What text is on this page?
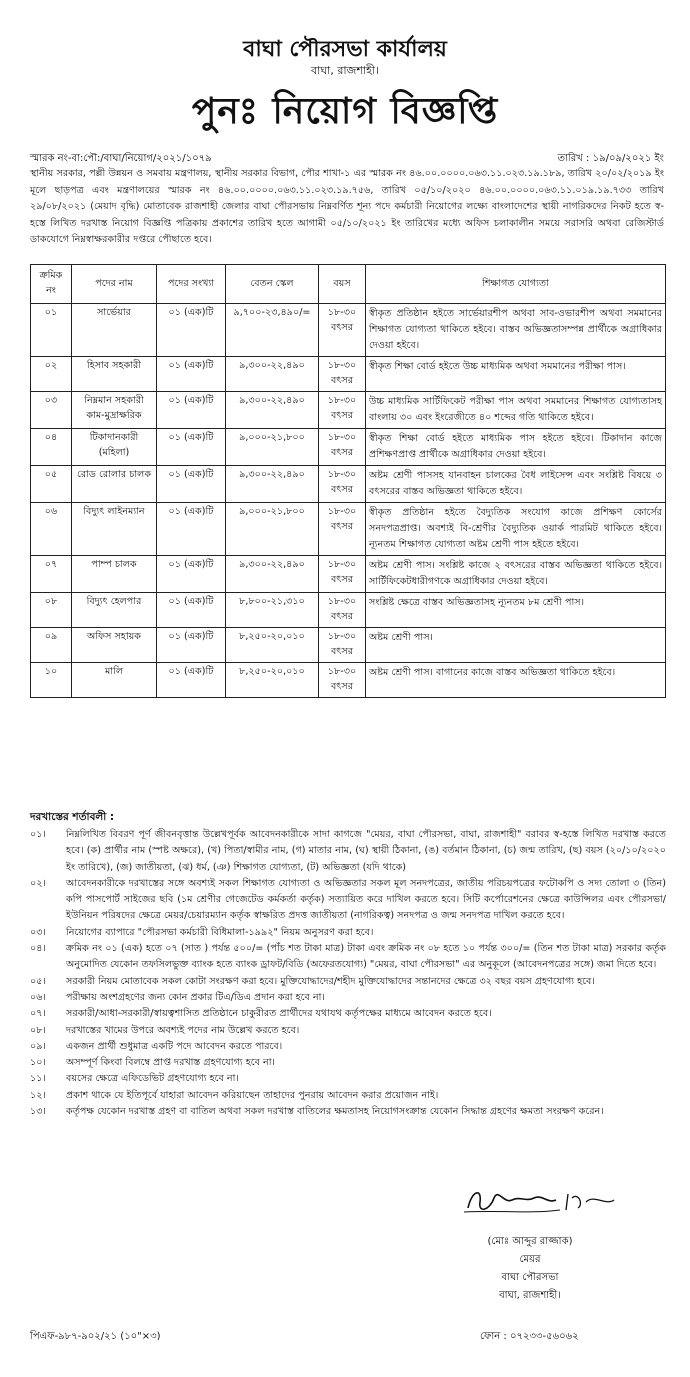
বাঘা পৌরসভা কার্যালয়
বাঘা, রাজশাহী।
পুনঃ নিয়োগ বিজ্ঞপ্তি
স্মারক নং-বা:পৌ:/বাঘা/নিয়োগ/২০২১/১০৭৯	তারিখ : ১৯/০৯/২০২১ ইং
স্থানীয় সরকার, পল্লী উন্নয়ন ও সমবায় মন্ত্রণালয়, স্থানীয় সরকার বিভাগ, পৌর শাখা-১ এর স্মারক নং ৪৬.০০.০০০০.০৬৩.১১.০২৩.১৯.১৮৯, তারিখ ২০/০২/২০১৯ ইং মূলে ছাড়পত্র এবং মন্ত্রণালয়ের স্মারক নং ৪৬.০০.০০০০.০৬৩.১১.০২৩.১৯.৭৫৬, তারিখ ০৫/১০/২০২০ ৪৬.০০.০০০০.০৬৩.১১.০১৯.১৯.৭৩৩ তারিখ ২৯/০৮/২০২১ (মেয়াদ বৃদ্ধি) মোতাবেক রাজশাহী জেলার বাঘা পৌরসভায় নিম্নবর্ণিত শূন্য পদে কর্মচারী নিয়োগের লক্ষ্যে বাংলাদেশের স্থায়ী নাগরিকদের নিকট হতে স্ব-হস্তে লিখিত দরখাস্ত নিয়োগ বিজ্ঞপ্তি পত্রিকায় প্রকাশের তারিখ হতে আগামী ০৫/১০/২০২১ ইং তারিখের মধ্যে অফিস চলাকালীন সময়ে সরাসরি অথবা রেজিস্টার্ড ডাকযোগে নিম্নস্বাক্ষরকারীর দপ্তরে পৌছাতে হবে।
ক্রমিক নং	পদের নাম	পদের সংখ্যা	বেতন স্কেল	বয়স	শিক্ষাগত যোগ্যতা
০১	সার্ভেয়ার	০১ (এক)টি	৯,৭০০-২৩,৪৯০/=	১৮-৩০ বৎসর	স্বীকৃত প্রতিষ্ঠান হইতে সার্ভেয়ারশীপ অথবা সাব-ওভারশীপ অথবা সমমানের শিক্ষাগত যোগ্যতা থাকিতে হইবে। বাস্তব অভিজ্ঞতাসম্পন্ন প্রার্থীকে অগ্রাধিকার দেওয়া হইবে।
০২	হিসাব সহকারী	০১ (এক)টি	৯,৩০০-২২,৪৯০	১৮-৩০ বৎসর	স্বীকৃত শিক্ষা বোর্ড হইতে উচ্চ মাধ্যমিক অথবা সমমানের পরীক্ষা পাস।
০৩	নিম্নমান সহকারী কাম-মুদ্রাক্ষরিক	০১ (এক)টি	৯,৩০০-২২,৪৯০	১৮-৩০ বৎসর	উচ্চ মাধ্যমিক সার্টিফিকেট পরীক্ষা পাস অথবা সমমানের শিক্ষাগত যোগ্যতাসহ বাংলায় ৩০ এবং ইংরেজীতে ৪০ শব্দের গতি থাকিতে হইবে।
০৪	টিকাদানকারী (মহিলা)	০১ (এক)টি	৯,০০০-২১,৮০০	১৮-৩০ বৎসর	স্বীকৃত শিক্ষা বোর্ড হইতে মাধ্যমিক পাস হইতে হইবে। টিকাদান কাজে প্রশিক্ষণপ্রাপ্ত প্রার্থীকে অগ্রাধিকার দেওয়া হইবে।
০৫	রোড রোলার চালক	০১ (এক)টি	৯,৩০০-২২,৪৯০	১৮-৩০ বৎসর	অষ্টম শ্রেণী পাসসহ যানবাহন চালকের বৈধ লাইসেন্স এবং সংশ্লিষ্ট বিষয়ে ৩ বৎসরের বাস্তব অভিজ্ঞতা থাকিতে হইবে।
০৬	বিদ্যুৎ লাইনম্যান	০১ (এক)টি	৯,০০০-২১,৮০০	১৮-৩০ বৎসর	স্বীকৃত প্রতিষ্ঠান হইতে বৈদ্যুতিক সংযোগ কাজে প্রশিক্ষণ কোর্সের সনদপত্রপ্রাপ্ত। অবশ্যই বি-শ্রেণীর বৈদ্যুতিক ওয়ার্ক পারমিট থাকিতে হইবে। ন্যূনতম শিক্ষাগত যোগ্যতা অষ্টম শ্রেণী পাস হইতে হইবে।
০৭	পাম্প চালক	০১ (এক)টি	৯,৩০০-২২,৪৯০	১৮-৩০ বৎসর	অষ্টম শ্রেণী পাস। সংশ্লিষ্ট কাজে ২ বৎসরের বাস্তব অভিজ্ঞতা থাকিতে হইবে। সার্টিফিকেটধারীগণকে অগ্রাধিকার দেওয়া হইবে।
০৮	বিদ্যুৎ হেলপার	০১ (এক)টি	৮,৮০০-২১,৩১০	১৮-৩০ বৎসর	সংশ্লিষ্ট ক্ষেত্রে বাস্তব অভিজ্ঞতাসহ ন্যূনতম ৮ম শ্রেণী পাস।
০৯	অফিস সহায়ক	০১ (এক)টি	৮,২৫০-২০,০১০	১৮-৩০ বৎসর	অষ্টম শ্রেণী পাস।
১০	মালি	০১ (এক)টি	৮,২৫০-২০,০১০	১৮-৩০ বৎসর	অষ্টম শ্রেণী পাস। বাগানের কাজে বাস্তব অভিজ্ঞতা থাকিতে হইবে।
দরখাস্তের শর্তাবলী :
০১।	নিম্নলিখিত বিবরণ পূর্ণ জীবনবৃত্তান্ত উল্লেখপূর্বক আবেদনকারীকে সাদা কাগজে "মেয়র, বাঘা পৌরসভা, বাঘা, রাজশাহী" বরাবর স্ব-হস্তে লিখিত দরখাস্ত করতে হবে। (ক) প্রার্থীর নাম (স্পষ্ট অক্ষরে), (খ) পিতা/স্বামীর নাম, (গ) মাতার নাম, (ঘ) স্থায়ী ঠিকানা, (ঙ) বর্তমান ঠিকানা, (চ) জন্ম তারিখ, (ছ) বয়স (২০/১০/২০২০ ইং তারিখে), (জ) জাতীয়তা, (ঝ) ধর্ম, (ঞ) শিক্ষাগত যোগ্যতা, (ট) অভিজ্ঞতা (যদি থাকে)
০২।	আবেদনকারীকে দরখাস্তের সঙ্গে অবশ্যই সকল শিক্ষাগত যোগ্যতা ও অভিজ্ঞতার সকল মূল সনদপত্রের, জাতীয় পরিচয়পত্রের ফটোকপি ও সদ্য তোলা ৩ (তিন) কপি পাসপোর্ট সাইজের ছবি (১ম শ্রেণীর গেজেটেড কর্মকর্তা কর্তৃক) সত্যায়িত করে দাখিল করতে হবে। সিটি কর্পোরেশনের ক্ষেত্রে কাউন্সিলর এবং পৌরসভা/ ইউনিয়ন পরিষদের ক্ষেত্রে মেয়র/চেয়ারম্যান কর্তৃক স্বাক্ষরিত প্রদত্ত জাতীয়তা (নাগরিকত্ব) সনদপত্র ও জন্ম সনদপত্র দাখিল করতে হবে।
০৩।	নিয়োগের ব্যাপারে "পৌরসভা কর্মচারী বিধিমালা-১৯৯২" নিয়ম অনুসরণ করা হবে।
০৪।	ক্রমিক নং ০১ (এক) হতে ০৭ (সাত ) পর্যন্ত ৫০০/= (পাঁচ শত টাকা মাত্র) টাকা এবং ক্রমিক নং ০৮ হতে ১০ পর্যন্ত ৩০০/= (তিন শত টাকা মাত্র) সরকার কর্তৃক অনুমোদিত যেকোন তফসিলভুক্ত ব্যাংক হতে ব্যাংক ড্রাফট/বিডি (অফেরতযোগ্য) "মেয়র, বাঘা পৌরসভা" এর অনুকূলে (আবেদনপত্রের সঙ্গে) জমা দিতে হবে।
০৫।	সরকারী নিয়ম মোতাবেক সকল কোটা সংরক্ষণ করা হবে। মুক্তিযোদ্ধাদের/শহীদ মুক্তিযোদ্ধাদের সন্তানদের ক্ষেত্রে ৩২ বছর বয়স গ্রহণযোগ্য হবে।
০৬।	পরীক্ষায় অংশগ্রহণের জন্য কোন প্রকার টিএ/ডিএ প্রদান করা হবে না।
০৭।	সরকারী/আধা-সরকারী/স্বায়ত্বশাসিত প্রতিষ্ঠানে চাকুরীরত প্রার্থীদের যথাযথ কর্তৃপক্ষের মাধ্যমে আবেদন করতে হবে।
০৮।	দরখাস্তের খামের উপরে অবশ্যই পদের নাম উল্লেখ করতে হবে।
০৯।	একজন প্রার্থী শুধুমাত্র একটি পদে আবেদন করতে পারবে।
১০।	অসম্পূর্ণ কিংবা বিলম্বে প্রাপ্ত দরখাস্ত গ্রহণযোগ্য হবে না।
১১।	বয়সের ক্ষেত্রে এফিডেভিট গ্রহণযোগ্য হবে না।
১২।	প্রকাশ থাকে যে ইতিপূর্বে যাহারা আবেদন করিয়াছেন তাহাদের পুনরায় আবেদন করার প্রয়োজন নাই।
১৩।	কর্তৃপক্ষ যেকোন দরখাস্ত গ্রহণ বা বাতিল অথবা সকল দরখাস্ত বাতিলের ক্ষমতাসহ নিয়োগসংক্রান্ত যেকোন সিদ্ধান্ত গ্রহণের ক্ষমতা সংরক্ষণ করেন।
(মোঃ আব্দুর রাজ্জাক)
মেয়র
বাঘা পৌরসভা
বাঘা, রাজশাহী।
পিএফ-৯৮৭-৯০২/২১ (১০"×৩)	ফোন : ০৭২৩৩-৫৬০৬২
